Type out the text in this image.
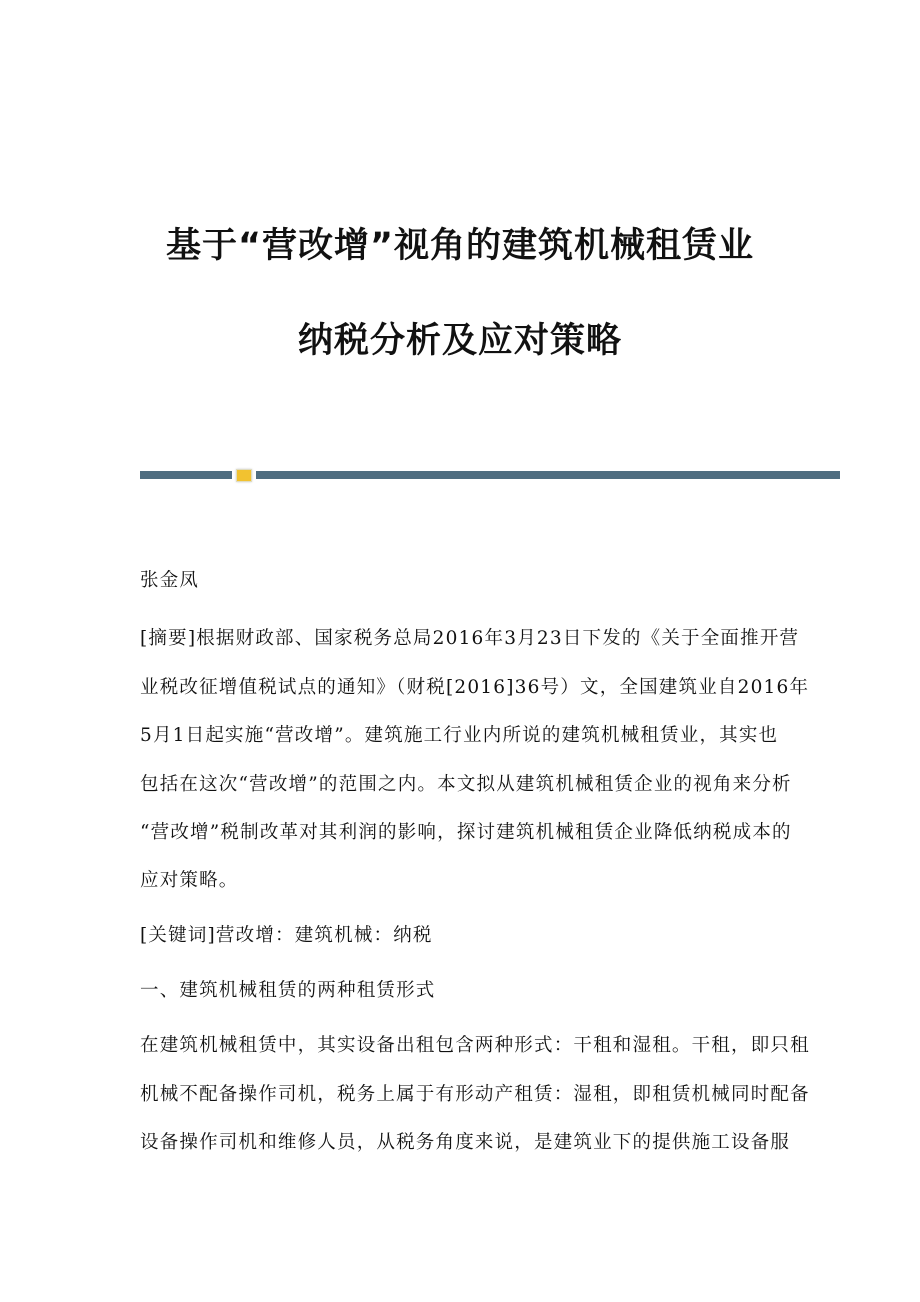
基于“营改增”视角的建筑机械租赁业
纳税分析及应对策略
张金凤
[摘要]根据财政部、国家税务总局2016年3月23日下发的《关于全面推开营
业税改征增值税试点的通知》（财税[2016]36号）文，全国建筑业自2016年
5月1日起实施“营改增”。建筑施工行业内所说的建筑机械租赁业，其实也
包括在这次“营改增”的范围之内。本文拟从建筑机械租赁企业的视角来分析
“营改增”税制改革对其利润的影响，探讨建筑机械租赁企业降低纳税成本的
应对策略。
[关键词]营改增：建筑机械：纳税
一、建筑机械租赁的两种租赁形式
在建筑机械租赁中，其实设备出租包含两种形式：干租和湿租。干租，即只租
机械不配备操作司机，税务上属于有形动产租赁：湿租，即租赁机械同时配备
设备操作司机和维修人员，从税务角度来说，是建筑业下的提供施工设备服
